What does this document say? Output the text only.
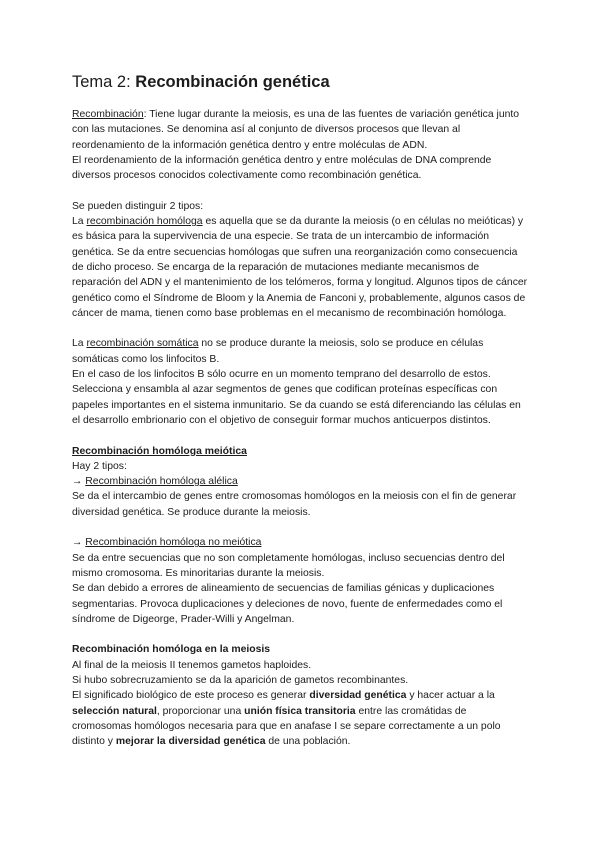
Tema 2: Recombinación genética

Recombinación: Tiene lugar durante la meiosis, es una de las fuentes de variación genética junto con las mutaciones. Se denomina así al conjunto de diversos procesos que llevan al reordenamiento de la información genética dentro y entre moléculas de ADN.

El reordenamiento de la información genética dentro y entre moléculas de DNA comprende diversos procesos conocidos colectivamente como recombinación genética.

Se pueden distinguir 2 tipos:

La recombinación homóloga es aquella que se da durante la meiosis (o en células no meióticas) y es básica para la supervivencia de una especie. Se trata de un intercambio de información genética. Se da entre secuencias homólogas que sufren una reorganización como consecuencia de dicho proceso. Se encarga de la reparación de mutaciones mediante mecanismos de reparación del ADN y el mantenimiento de los telómeros, forma y longitud. Algunos tipos de cáncer genético como el Síndrome de Bloom y la Anemia de Fanconi y, probablemente, algunos casos de cáncer de mama, tienen como base problemas en el mecanismo de recombinación homóloga.

La recombinación somática no se produce durante la meiosis, solo se produce en células somáticas como los linfocitos B.

En el caso de los linfocitos B sólo ocurre en un momento temprano del desarrollo de estos. Selecciona y ensambla al azar segmentos de genes que codifican proteínas específicas con papeles importantes en el sistema inmunitario. Se da cuando se está diferenciando las células en el desarrollo embrionario con el objetivo de conseguir formar muchos anticuerpos distintos.

Recombinación homóloga meiótica

Hay 2 tipos:

→ Recombinación homóloga alélica

Se da el intercambio de genes entre cromosomas homólogos en la meiosis con el fin de generar diversidad genética. Se produce durante la meiosis.

→ Recombinación homóloga no meiótica

Se da entre secuencias que no son completamente homólogas, incluso secuencias dentro del mismo cromosoma. Es minoritarias durante la meiosis.

Se dan debido a errores de alineamiento de secuencias de familias génicas y duplicaciones segmentarias. Provoca duplicaciones y deleciones de novo, fuente de enfermedades como el síndrome de Digeorge, Prader-Willi y Angelman.

Recombinación homóloga en la meiosis

Al final de la meiosis II tenemos gametos haploides.

Si hubo sobrecruzamiento se da la aparición de gametos recombinantes.

El significado biológico de este proceso es generar diversidad genética y hacer actuar a la selección natural, proporcionar una unión física transitoria entre las cromátidas de cromosomas homólogos necesaria para que en anafase I se separe correctamente a un polo distinto y mejorar la diversidad genética de una población.
